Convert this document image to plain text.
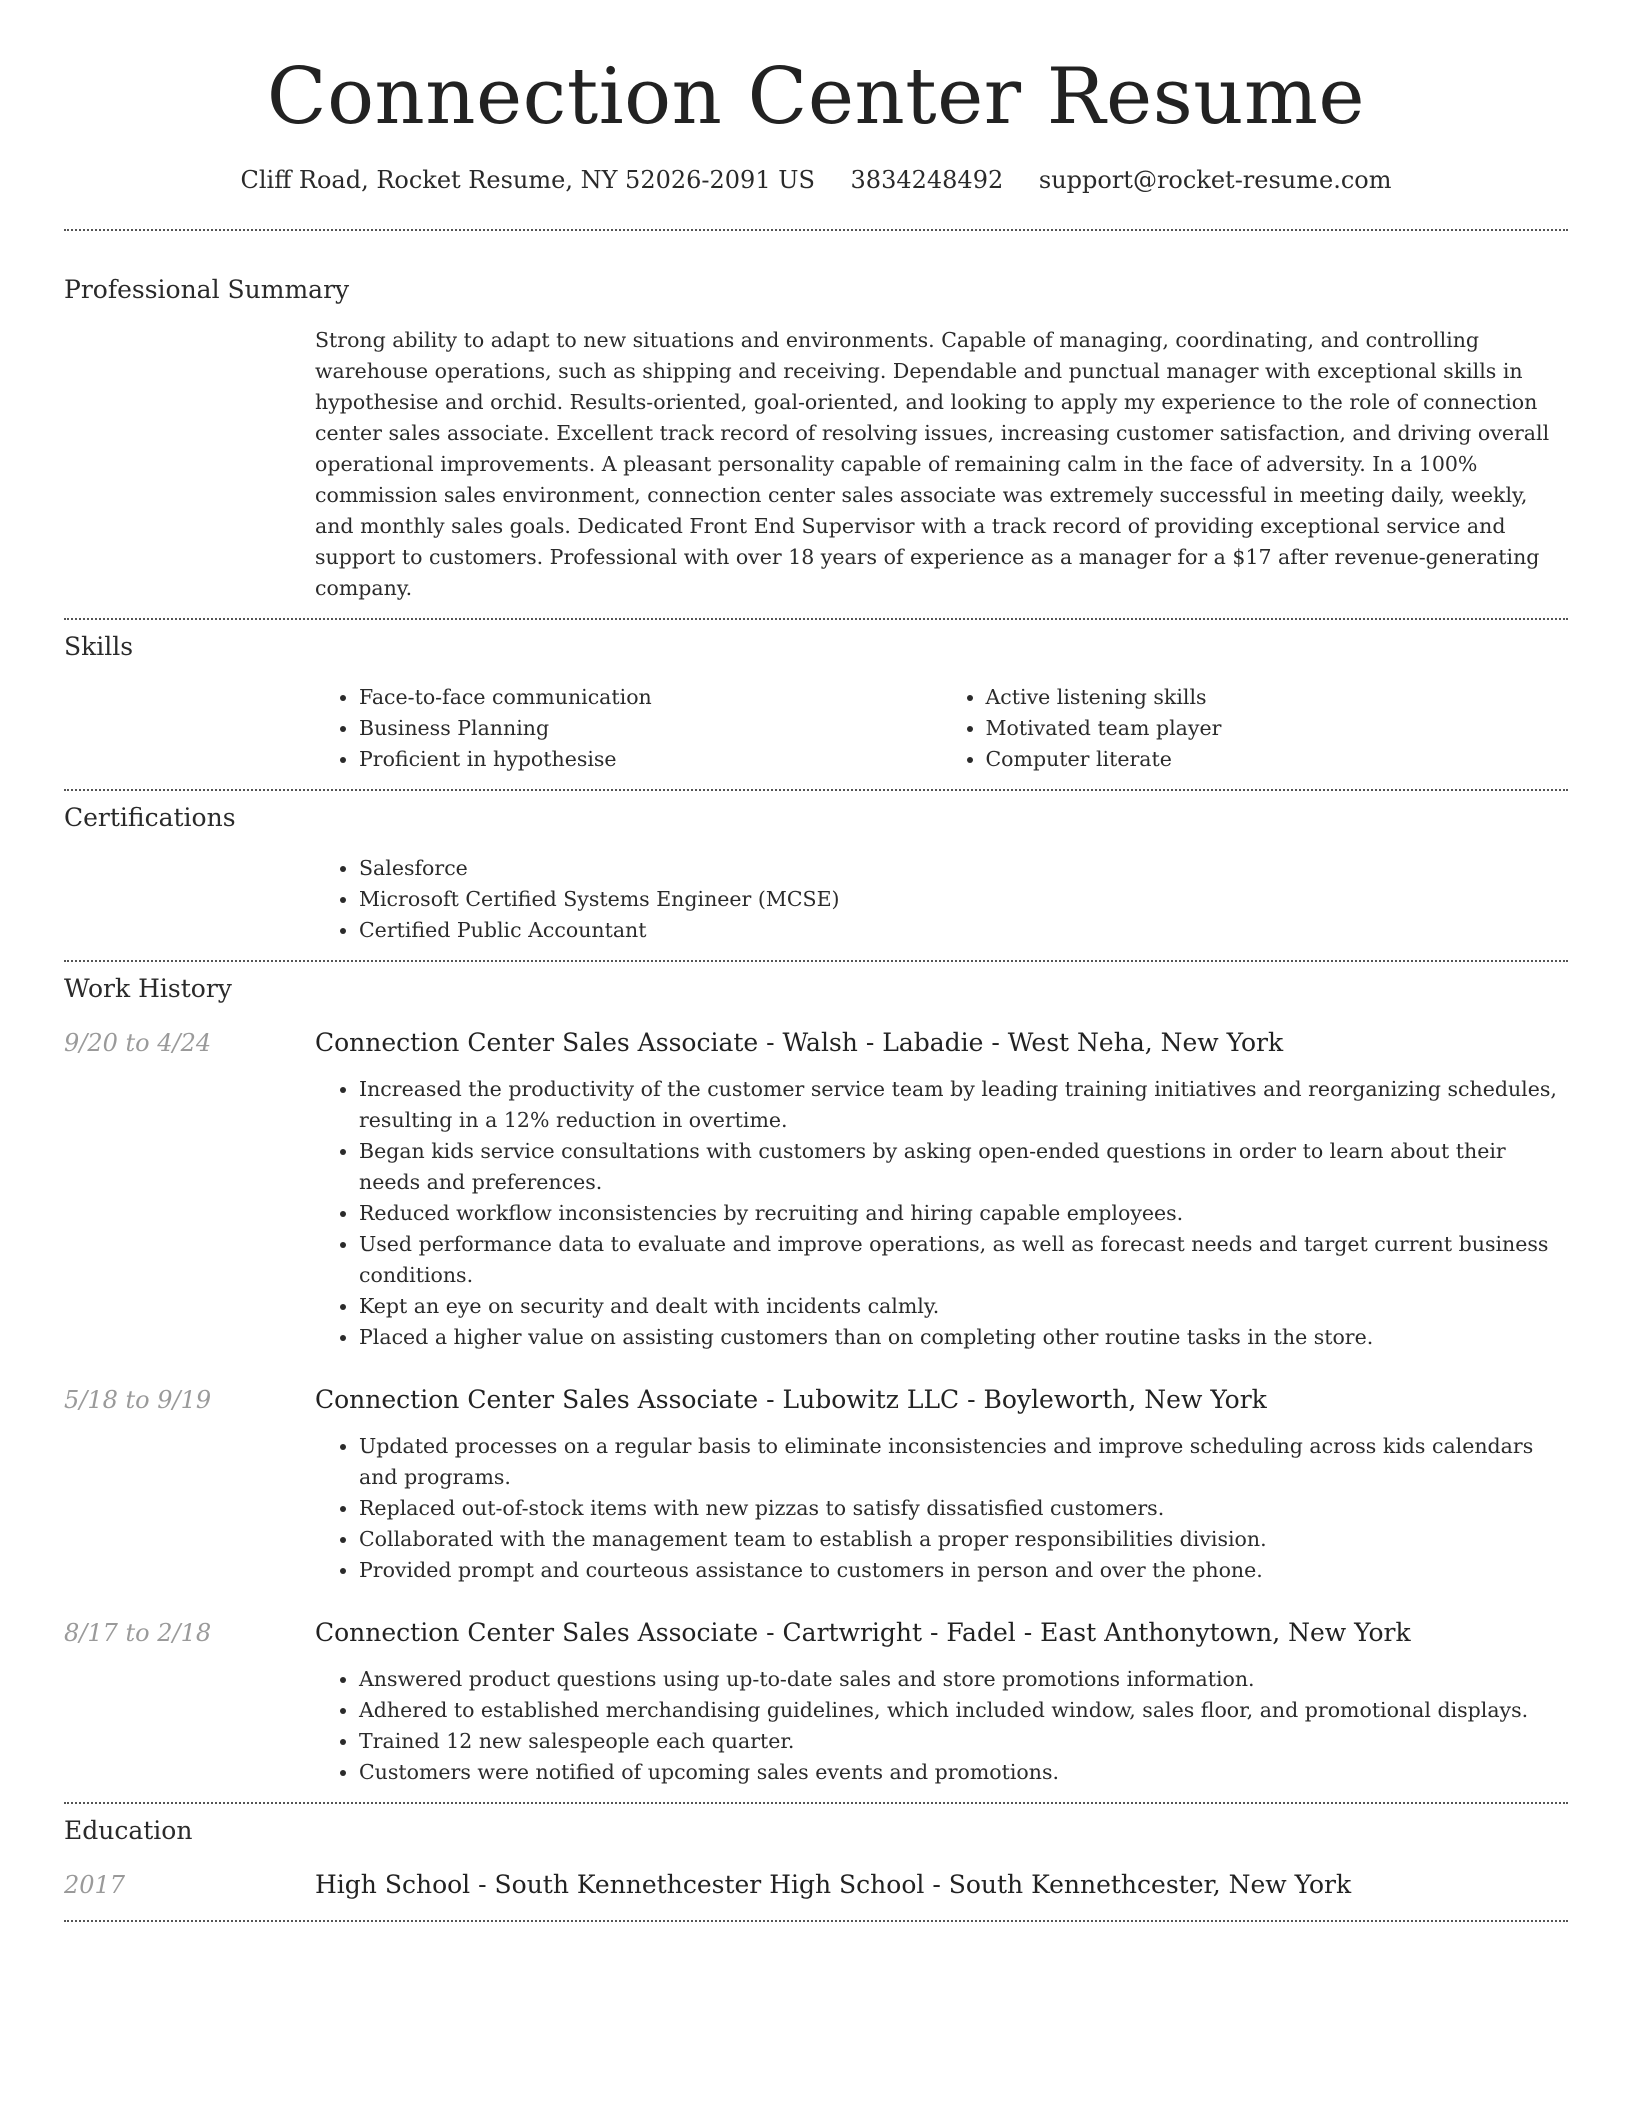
Connection Center Resume
Cliff Road, Rocket Resume, NY 52026-2091 US 3834248492 support@rocket-resume.com
Professional Summary
Strong ability to adapt to new situations and environments. Capable of managing, coordinating, and controlling warehouse operations, such as shipping and receiving. Dependable and punctual manager with exceptional skills in hypothesise and orchid. Results-oriented, goal-oriented, and looking to apply my experience to the role of connection center sales associate. Excellent track record of resolving issues, increasing customer satisfaction, and driving overall operational improvements. A pleasant personality capable of remaining calm in the face of adversity. In a 100% commission sales environment, connection center sales associate was extremely successful in meeting daily, weekly, and monthly sales goals. Dedicated Front End Supervisor with a track record of providing exceptional service and support to customers. Professional with over 18 years of experience as a manager for a $17 after revenue-generating company.
Skills
• Face-to-face communication
• Business Planning
• Proficient in hypothesise
• Active listening skills
• Motivated team player
• Computer literate
Certifications
• Salesforce
• Microsoft Certified Systems Engineer (MCSE)
• Certified Public Accountant
Work History
9/20 to 4/24	Connection Center Sales Associate - Walsh - Labadie - West Neha, New York
• Increased the productivity of the customer service team by leading training initiatives and reorganizing schedules, resulting in a 12% reduction in overtime.
• Began kids service consultations with customers by asking open-ended questions in order to learn about their needs and preferences.
• Reduced workflow inconsistencies by recruiting and hiring capable employees.
• Used performance data to evaluate and improve operations, as well as forecast needs and target current business conditions.
• Kept an eye on security and dealt with incidents calmly.
• Placed a higher value on assisting customers than on completing other routine tasks in the store.
5/18 to 9/19	Connection Center Sales Associate - Lubowitz LLC - Boyleworth, New York
• Updated processes on a regular basis to eliminate inconsistencies and improve scheduling across kids calendars and programs.
• Replaced out-of-stock items with new pizzas to satisfy dissatisfied customers.
• Collaborated with the management team to establish a proper responsibilities division.
• Provided prompt and courteous assistance to customers in person and over the phone.
8/17 to 2/18	Connection Center Sales Associate - Cartwright - Fadel - East Anthonytown, New York
• Answered product questions using up-to-date sales and store promotions information.
• Adhered to established merchandising guidelines, which included window, sales floor, and promotional displays.
• Trained 12 new salespeople each quarter.
• Customers were notified of upcoming sales events and promotions.
Education
2017	High School - South Kennethcester High School - South Kennethcester, New York
